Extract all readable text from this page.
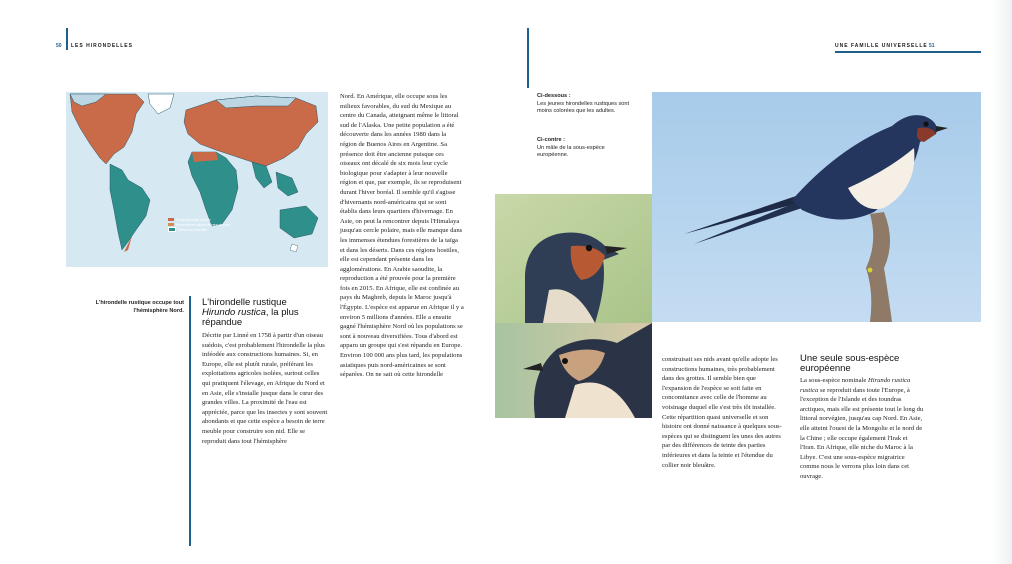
50 LES HIRONDELLES
Présence toute l'année
Présence en saison de reproduction
Présence hivernale
L'hirondelle rustique occupe tout l'hémisphère Nord.
L'hirondelle rustique
Hirundo rustica, la plus répandue
Décrite par Linné en 1758 à partir d'un oiseau suédois, c'est probablement l'hirondelle la plus inféodée aux constructions humaines. Si, en Europe, elle est plutôt rurale, préférant les exploitations agricoles isolées, surtout celles qui pratiquent l'élevage, en Afrique du Nord et en Asie, elle s'installe jusque dans le cœur des grandes villes. La proximité de l'eau est appréciée, parce que les insectes y sont souvent abondants et que cette espèce a besoin de terre meuble pour construire son nid. Elle se reproduit dans tout l'hémisphère
Nord. En Amérique, elle occupe sous les milieux favorables, du sud du Mexique au centre du Canada, atteignant même le littoral sud de l'Alaska. Une petite population a été découverte dans les années 1980 dans la région de Buenos Aires en Argentine. Sa présence doit être ancienne puisque ces oiseaux ont décalé de six mois leur cycle biologique pour s'adapter à leur nouvelle région et que, par exemple, ils se reproduisent durant l'hiver boréal. Il semble qu'il s'agisse d'hivernants nord-américains qui se sont établis dans leurs quartiers d'hivernage. En Asie, on peut la rencontrer depuis l'Himalaya jusqu'au cercle polaire, mais elle manque dans les immenses étendues forestières de la taïga et dans les déserts. Dans ces régions hostiles, elle est cependant présente dans les agglomérations. En Arabie saoudite, la reproduction a été prouvée pour la première fois en 2015. En Afrique, elle est confinée au pays du Maghreb, depuis le Maroc jusqu'à l'Égypte. L'espèce est apparue en Afrique il y a environ 5 millions d'années. Elle a ensuite gagné l'hémisphère Nord où les populations se sont à nouveau diversifiées. Tous d'abord est apparu un groupe qui s'est répandu en Europe. Environ 100 000 ans plus tard, les populations asiatiques puis nord-américaines se sont séparées. On ne sait où cette hirondelle
UNE FAMILLE UNIVERSELLE 51
Ci-dessous :
Les jeunes hirondelles rustiques sont moins colorées que les adultes.
Ci-contre :
Un mâle de la sous-espèce européenne.
construisait ses nids avant qu'elle adopte les constructions humaines, très probablement dans des grottes. Il semble bien que l'expansion de l'espèce se soit faite en concomitance avec celle de l'homme au voisinage duquel elle s'est très tôt installée. Cette répartition quasi universelle et son histoire ont donné naissance à quelques sous-espèces qui se distinguent les unes des autres par des différences de teinte des parties inférieures et dans la teinte et l'étendue du collier noir bleuâtre.
Une seule sous-espèce européenne
La sous-espèce nominale Hirundo rustica rustica se reproduit dans toute l'Europe, à l'exception de l'Islande et des toundras arctiques, mais elle est présente tout le long du littoral norvégien, jusqu'au cap Nord. En Asie, elle atteint l'ouest de la Mongolie et le nord de la Chine ; elle occupe également l'Irak et l'Iran. En Afrique, elle niche du Maroc à la Libye. C'est une sous-espèce migratrice comme nous le verrons plus loin dans cet ouvrage.
